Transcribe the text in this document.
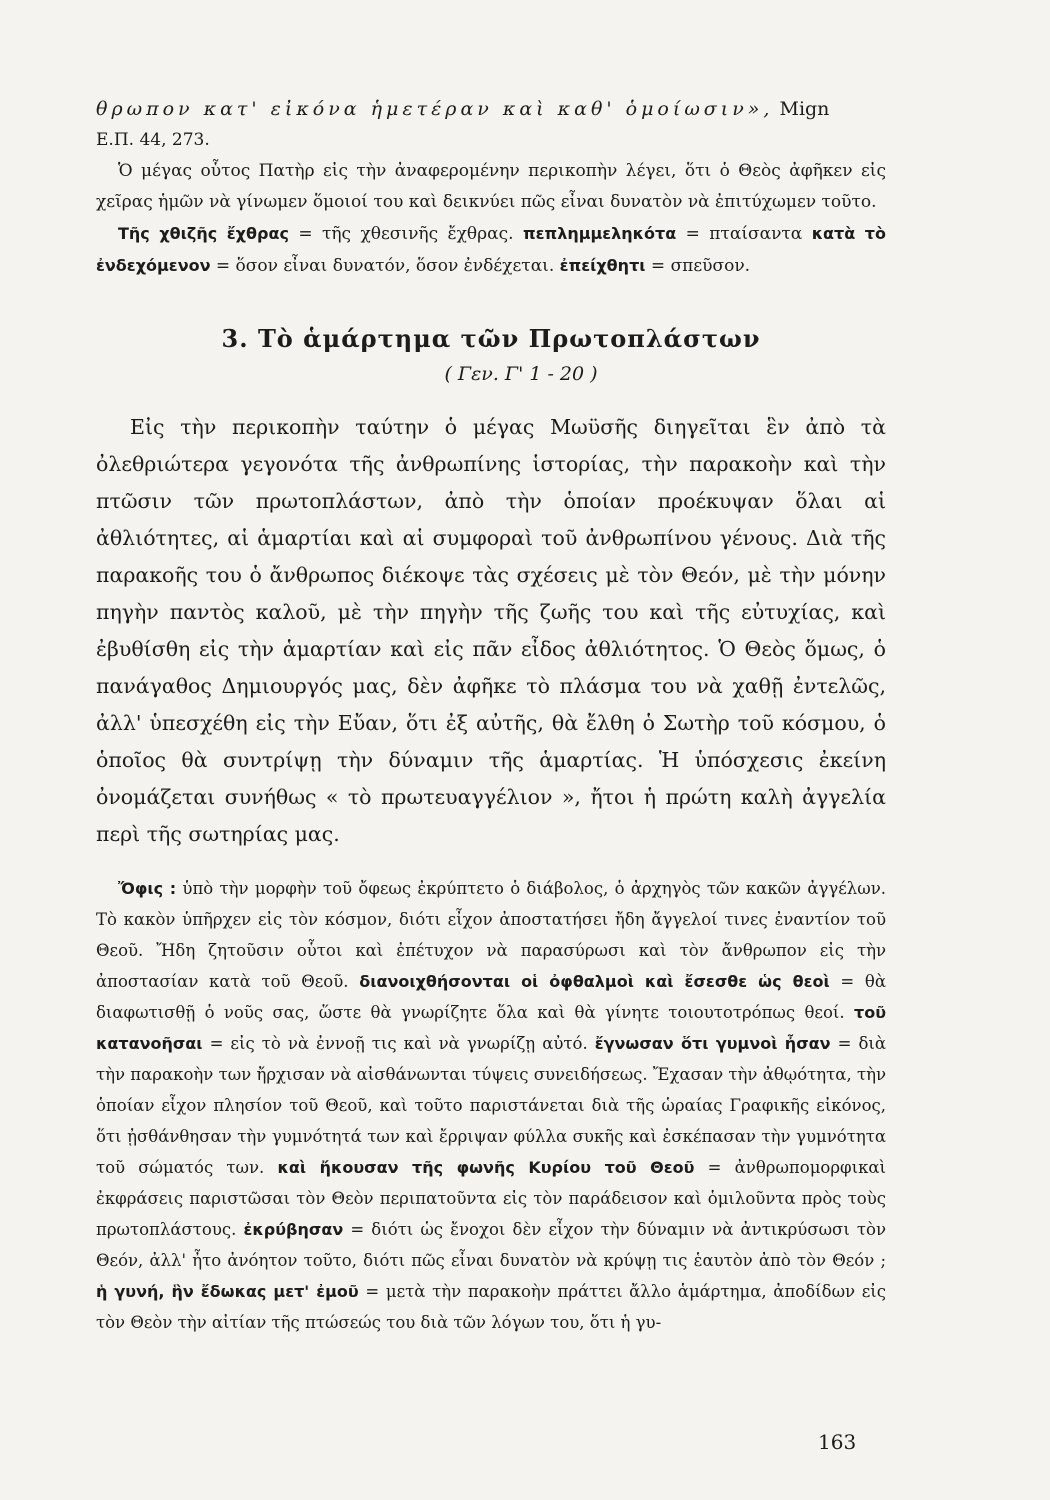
θρωπον κατ' εἰκόνα ἡμετέραν καὶ καθ' ὁμοίωσιν», Mign

Ε.Π. 44, 273.

Ὁ μέγας οὗτος Πατὴρ εἰς τὴν ἀναφερομένην περικοπὴν λέγει, ὅτι ὁ Θεὸς ἀφῆκεν εἰς χεῖρας ἡμῶν νὰ γίνωμεν ὅμοιοί του καὶ δεικνύει πῶς εἶναι δυνατὸν νὰ ἐπιτύχωμεν τοῦτο.

Τῆς χθιζῆς ἔχθρας = τῆς χθεσινῆς ἔχθρας. πεπλημμεληκότα = πταίσαντα κατὰ τὸ ἐνδεχόμενον = ὅσον εἶναι δυνατόν, ὅσον ἐνδέχεται. ἐπείχθητι = σπεῦσον.

3. Τὸ ἁμάρτημα τῶν Πρωτοπλάστων
( Γεν. Γ' 1 - 20 )

Εἰς τὴν περικοπὴν ταύτην ὁ μέγας Μωϋσῆς διηγεῖται ἓν ἀπὸ τὰ ὀλεθριώτερα γεγονότα τῆς ἀνθρωπίνης ἱστορίας, τὴν παρακοὴν καὶ τὴν πτῶσιν τῶν πρωτοπλάστων, ἀπὸ τὴν ὁποίαν προέκυψαν ὅλαι αἱ ἀθλιότητες, αἱ ἁμαρτίαι καὶ αἱ συμφοραὶ τοῦ ἀνθρωπίνου γένους. Διὰ τῆς παρακοῆς του ὁ ἄνθρωπος διέκοψε τὰς σχέσεις μὲ τὸν Θεόν, μὲ τὴν μόνην πηγὴν παντὸς καλοῦ, μὲ τὴν πηγὴν τῆς ζωῆς του καὶ τῆς εὐτυχίας, καὶ ἐβυθίσθη εἰς τὴν ἁμαρτίαν καὶ εἰς πᾶν εἶδος ἀθλιότητος. Ὁ Θεὸς ὅμως, ὁ πανάγαθος Δημιουργός μας, δὲν ἀφῆκε τὸ πλάσμα του νὰ χαθῇ ἐντελῶς, ἀλλ' ὑπεσχέθη εἰς τὴν Εὔαν, ὅτι ἐξ αὐτῆς, θὰ ἔλθη ὁ Σωτὴρ τοῦ κόσμου, ὁ ὁποῖος θὰ συντρίψῃ τὴν δύναμιν τῆς ἁμαρτίας. Ἡ ὑπόσχεσις ἐκείνη ὀνομάζεται συνήθως « τὸ πρωτευαγγέλιον », ἤτοι ἡ πρώτη καλὴ ἀγγελία περὶ τῆς σωτηρίας μας.

Ὄφις : ὑπὸ τὴν μορφὴν τοῦ ὄφεως ἐκρύπτετο ὁ διάβολος, ὁ ἀρχηγὸς τῶν κακῶν ἀγγέλων. Τὸ κακὸν ὑπῆρχεν εἰς τὸν κόσμον, διότι εἶχον ἀποστατήσει ἤδη ἄγγελοί τινες ἐναντίον τοῦ Θεοῦ. Ἤδη ζητοῦσιν οὗτοι καὶ ἐπέτυχον νὰ παρασύρωσι καὶ τὸν ἄνθρωπον εἰς τὴν ἀποστασίαν κατὰ τοῦ Θεοῦ. διανοιχθήσονται οἱ ὀφθαλμοὶ καὶ ἔσεσθε ὡς θεοὶ = θὰ διαφωτισθῇ ὁ νοῦς σας, ὥστε θὰ γνωρίζητε ὅλα καὶ θὰ γίνητε τοιουτοτρόπως θεοί. τοῦ κατανοῆσαι = εἰς τὸ νὰ ἐννοῇ τις καὶ νὰ γνωρίζῃ αὐτό. ἔγνωσαν ὅτι γυμνοὶ ἦσαν = διὰ τὴν παρακοὴν των ἤρχισαν νὰ αἰσθάνωνται τύψεις συνειδήσεως. Ἔχασαν τὴν ἀθῳότητα, τὴν ὁποίαν εἶχον πλησίον τοῦ Θεοῦ, καὶ τοῦτο παριστάνεται διὰ τῆς ὡραίας Γραφικῆς εἰκόνος, ὅτι ᾐσθάνθησαν τὴν γυμνότητά των καὶ ἔρριψαν φύλλα συκῆς καὶ ἐσκέπασαν τὴν γυμνότητα τοῦ σώματός των. καὶ ἤκουσαν τῆς φωνῆς Κυρίου τοῦ Θεοῦ = ἀνθρωπομορφικαὶ ἐκφράσεις παριστῶσαι τὸν Θεὸν περιπατοῦντα εἰς τὸν παράδεισον καὶ ὁμιλοῦντα πρὸς τοὺς πρωτοπλάστους. ἐκρύβησαν = διότι ὡς ἔνοχοι δὲν εἶχον τὴν δύναμιν νὰ ἀντικρύσωσι τὸν Θεόν, ἀλλ' ἦτο ἀνόητον τοῦτο, διότι πῶς εἶναι δυνατὸν νὰ κρύψῃ τις ἑαυτὸν ἀπὸ τὸν Θεόν ; ἡ γυνή, ἣν ἔδωκας μετ' ἐμοῦ = μετὰ τὴν παρακοὴν πράττει ἄλλο ἁμάρτημα, ἀποδίδων εἰς τὸν Θεὸν τὴν αἰτίαν τῆς πτώσεώς του διὰ τῶν λόγων του, ὅτι ἡ γυ-

163
